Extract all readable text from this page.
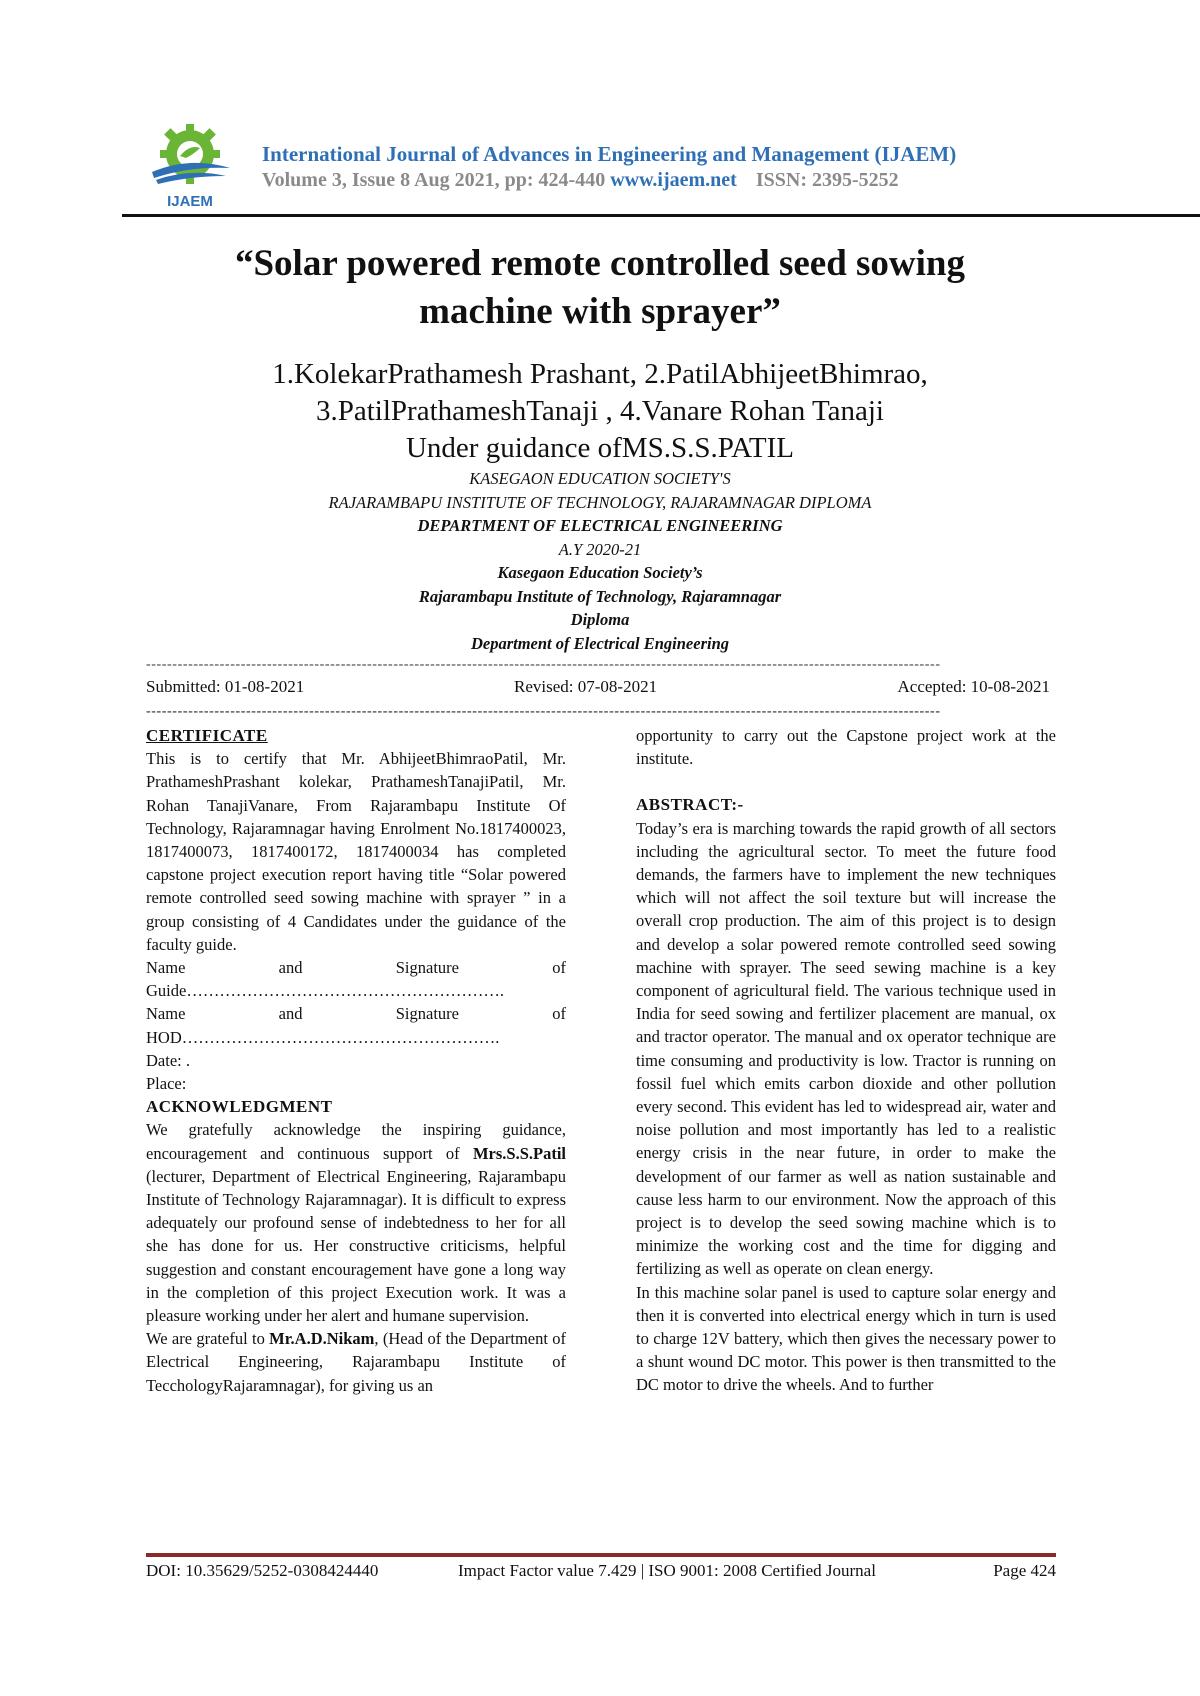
IJAEM
International Journal of Advances in Engineering and Management (IJAEM)
Volume 3, Issue 8 Aug 2021, pp: 424-440 www.ijaem.net ISSN: 2395-5252
“Solar powered remote controlled seed sowing
machine with sprayer”
1.KolekarPrathamesh Prashant, 2.PatilAbhijeetBhimrao,
3.PatilPrathameshTanaji , 4.Vanare Rohan Tanaji
Under guidance ofMS.S.S.PATIL
KASEGAON EDUCATION SOCIETY'S
RAJARAMBAPU INSTITUTE OF TECHNOLOGY, RAJARAMNAGAR DIPLOMA
DEPARTMENT OF ELECTRICAL ENGINEERING
A.Y 2020-21
Kasegaon Education Society’s
Rajarambapu Institute of Technology, Rajaramnagar
Diploma
Department of Electrical Engineering
-------------------------------------------------------------------------------------------------------------------------------------------------------
Submitted: 01-08-2021	Revised: 07-08-2021	Accepted: 10-08-2021
-------------------------------------------------------------------------------------------------------------------------------------------------------
CERTIFICATE

This is to certify that Mr. AbhijeetBhimraoPatil, Mr. PrathameshPrashant kolekar, PrathameshTanajiPatil, Mr. Rohan TanajiVanare, From Rajarambapu Institute Of Technology, Rajaramnagar having Enrolment No.1817400023, 1817400073, 1817400172, 1817400034 has completed capstone project execution report having title “Solar powered remote controlled seed sowing machine with sprayer ” in a group consisting of 4 Candidates under the guidance of the faculty guide.

Name and Signature of Guide………………………………………………….

Name and Signature of HOD………………………………………………….

Date: .

Place:

ACKNOWLEDGMENT

We gratefully acknowledge the inspiring guidance, encouragement and continuous support of Mrs.S.S.Patil (lecturer, Department of Electrical Engineering, Rajarambapu Institute of Technology Rajaramnagar). It is difficult to express adequately our profound sense of indebtedness to her for all she has done for us. Her constructive criticisms, helpful suggestion and constant encouragement have gone a long way in the completion of this project Execution work. It was a pleasure working under her alert and humane supervision.

We are grateful to Mr.A.D.Nikam, (Head of the Department of Electrical Engineering, Rajarambapu Institute of TecchologyRajaramnagar), for giving us an

opportunity to carry out the Capstone project work at the institute.

ABSTRACT:-

Today’s era is marching towards the rapid growth of all sectors including the agricultural sector. To meet the future food demands, the farmers have to implement the new techniques which will not affect the soil texture but will increase the overall crop production. The aim of this project is to design and develop a solar powered remote controlled seed sowing machine with sprayer. The seed sewing machine is a key component of agricultural field. The various technique used in India for seed sowing and fertilizer placement are manual, ox and tractor operator. The manual and ox operator technique are time consuming and productivity is low. Tractor is running on fossil fuel which emits carbon dioxide and other pollution every second. This evident has led to widespread air, water and noise pollution and most importantly has led to a realistic energy crisis in the near future, in order to make the development of our farmer as well as nation sustainable and cause less harm to our environment. Now the approach of this project is to develop the seed sowing machine which is to minimize the working cost and the time for digging and fertilizing as well as operate on clean energy.

In this machine solar panel is used to capture solar energy and then it is converted into electrical energy which in turn is used to charge 12V battery, which then gives the necessary power to a shunt wound DC motor. This power is then transmitted to the DC motor to drive the wheels. And to further

DOI: 10.35629/5252-0308424440	Impact Factor value 7.429 | ISO 9001: 2008 Certified Journal	Page 424
